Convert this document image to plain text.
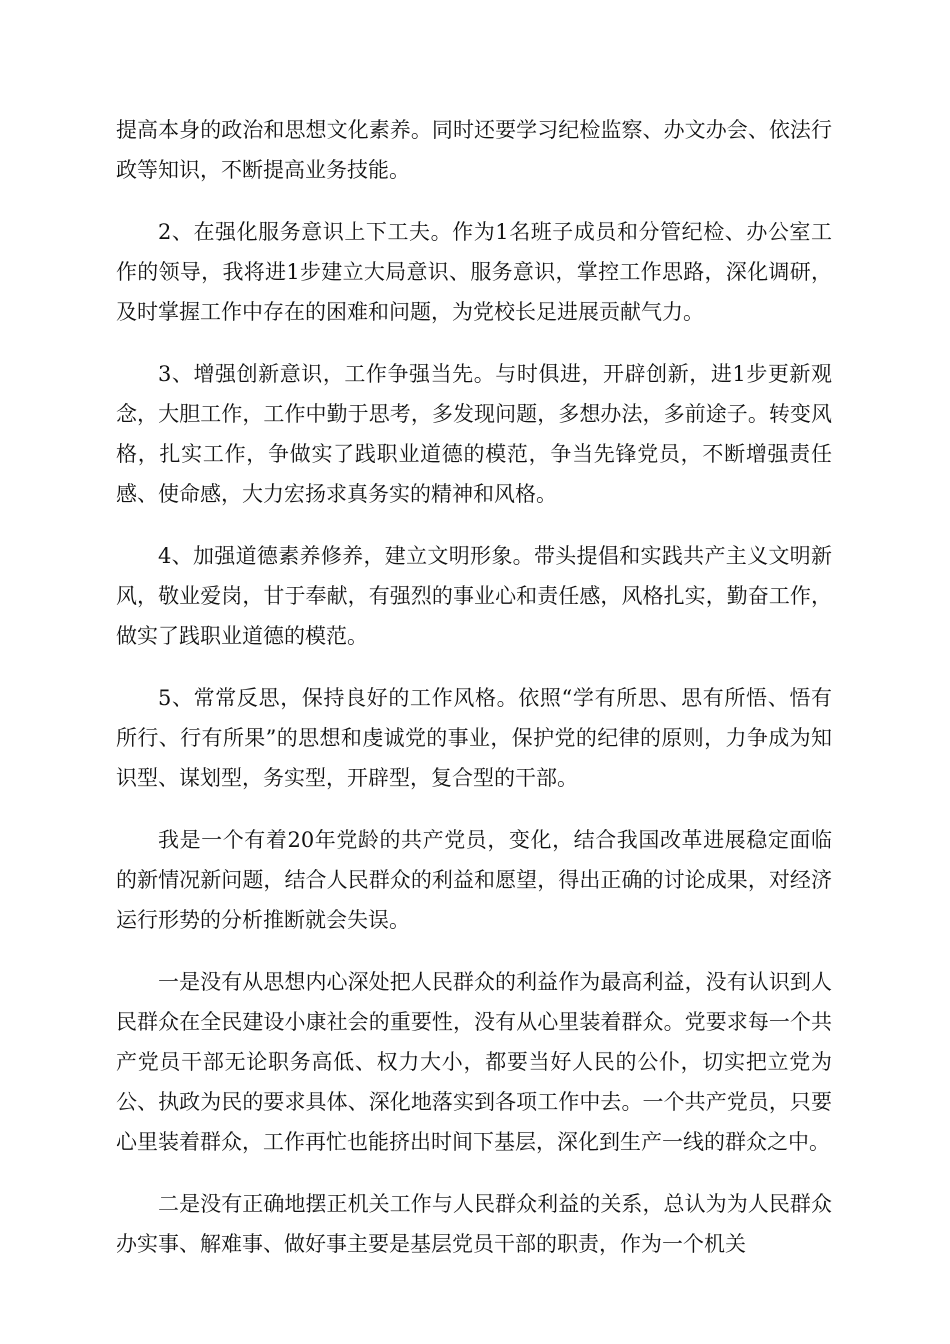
提高本身的政治和思想文化素养。同时还要学习纪检监察、办文办会、依法行政等知识，不断提高业务技能。

2、在强化服务意识上下工夫。作为1名班子成员和分管纪检、办公室工作的领导，我将进1步建立大局意识、服务意识，掌控工作思路，深化调研，及时掌握工作中存在的困难和问题，为党校长足进展贡献气力。

3、增强创新意识，工作争强当先。与时俱进，开辟创新，进1步更新观念，大胆工作，工作中勤于思考，多发现问题，多想办法，多前途子。转变风格，扎实工作，争做实了践职业道德的模范，争当先锋党员，不断增强责任感、使命感，大力宏扬求真务实的精神和风格。

4、加强道德素养修养，建立文明形象。带头提倡和实践共产主义文明新风，敬业爱岗，甘于奉献，有强烈的事业心和责任感，风格扎实，勤奋工作，做实了践职业道德的模范。

5、常常反思，保持良好的工作风格。依照“学有所思、思有所悟、悟有所行、行有所果”的思想和虔诚党的事业，保护党的纪律的原则，力争成为知识型、谋划型，务实型，开辟型，复合型的干部。

我是一个有着20年党龄的共产党员，变化，结合我国改革进展稳定面临的新情况新问题，结合人民群众的利益和愿望，得出正确的讨论成果，对经济运行形势的分析推断就会失误。

一是没有从思想内心深处把人民群众的利益作为最高利益，没有认识到人民群众在全民建设小康社会的重要性，没有从心里装着群众。党要求每一个共产党员干部无论职务高低、权力大小，都要当好人民的公仆，切实把立党为公、执政为民的要求具体、深化地落实到各项工作中去。一个共产党员，只要心里装着群众，工作再忙也能挤出时间下基层，深化到生产一线的群众之中。

二是没有正确地摆正机关工作与人民群众利益的关系，总认为为人民群众办实事、解难事、做好事主要是基层党员干部的职责，作为一个机关
